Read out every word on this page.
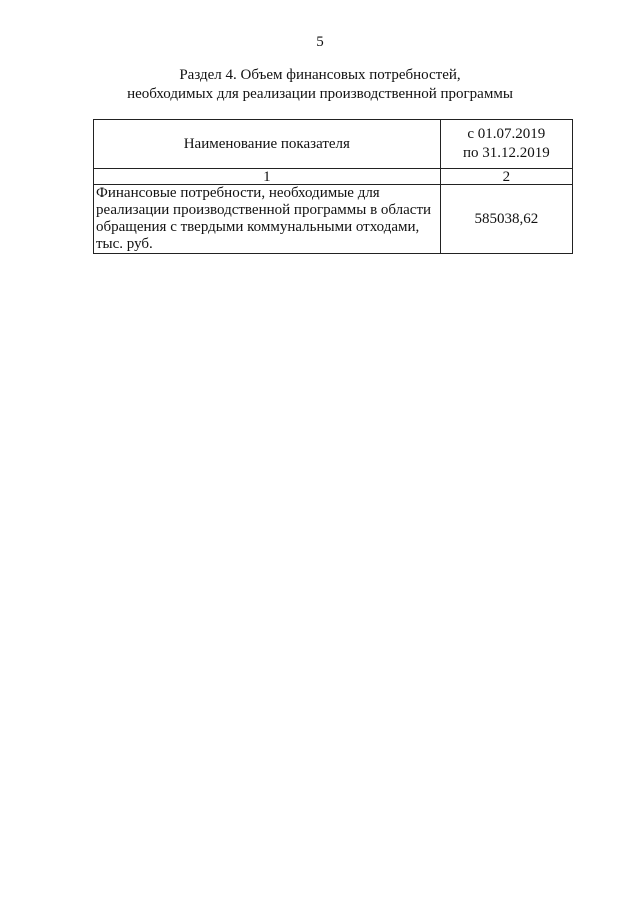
5
Раздел 4. Объем финансовых потребностей,
необходимых для реализации производственной программы
Наименование показателя	с 01.07.2019
по 31.12.2019

1	2

Финансовые потребности, необходимые для
реализации производственной программы в области
обращения с твердыми коммунальными отходами,
тыс. руб.	585038,62
